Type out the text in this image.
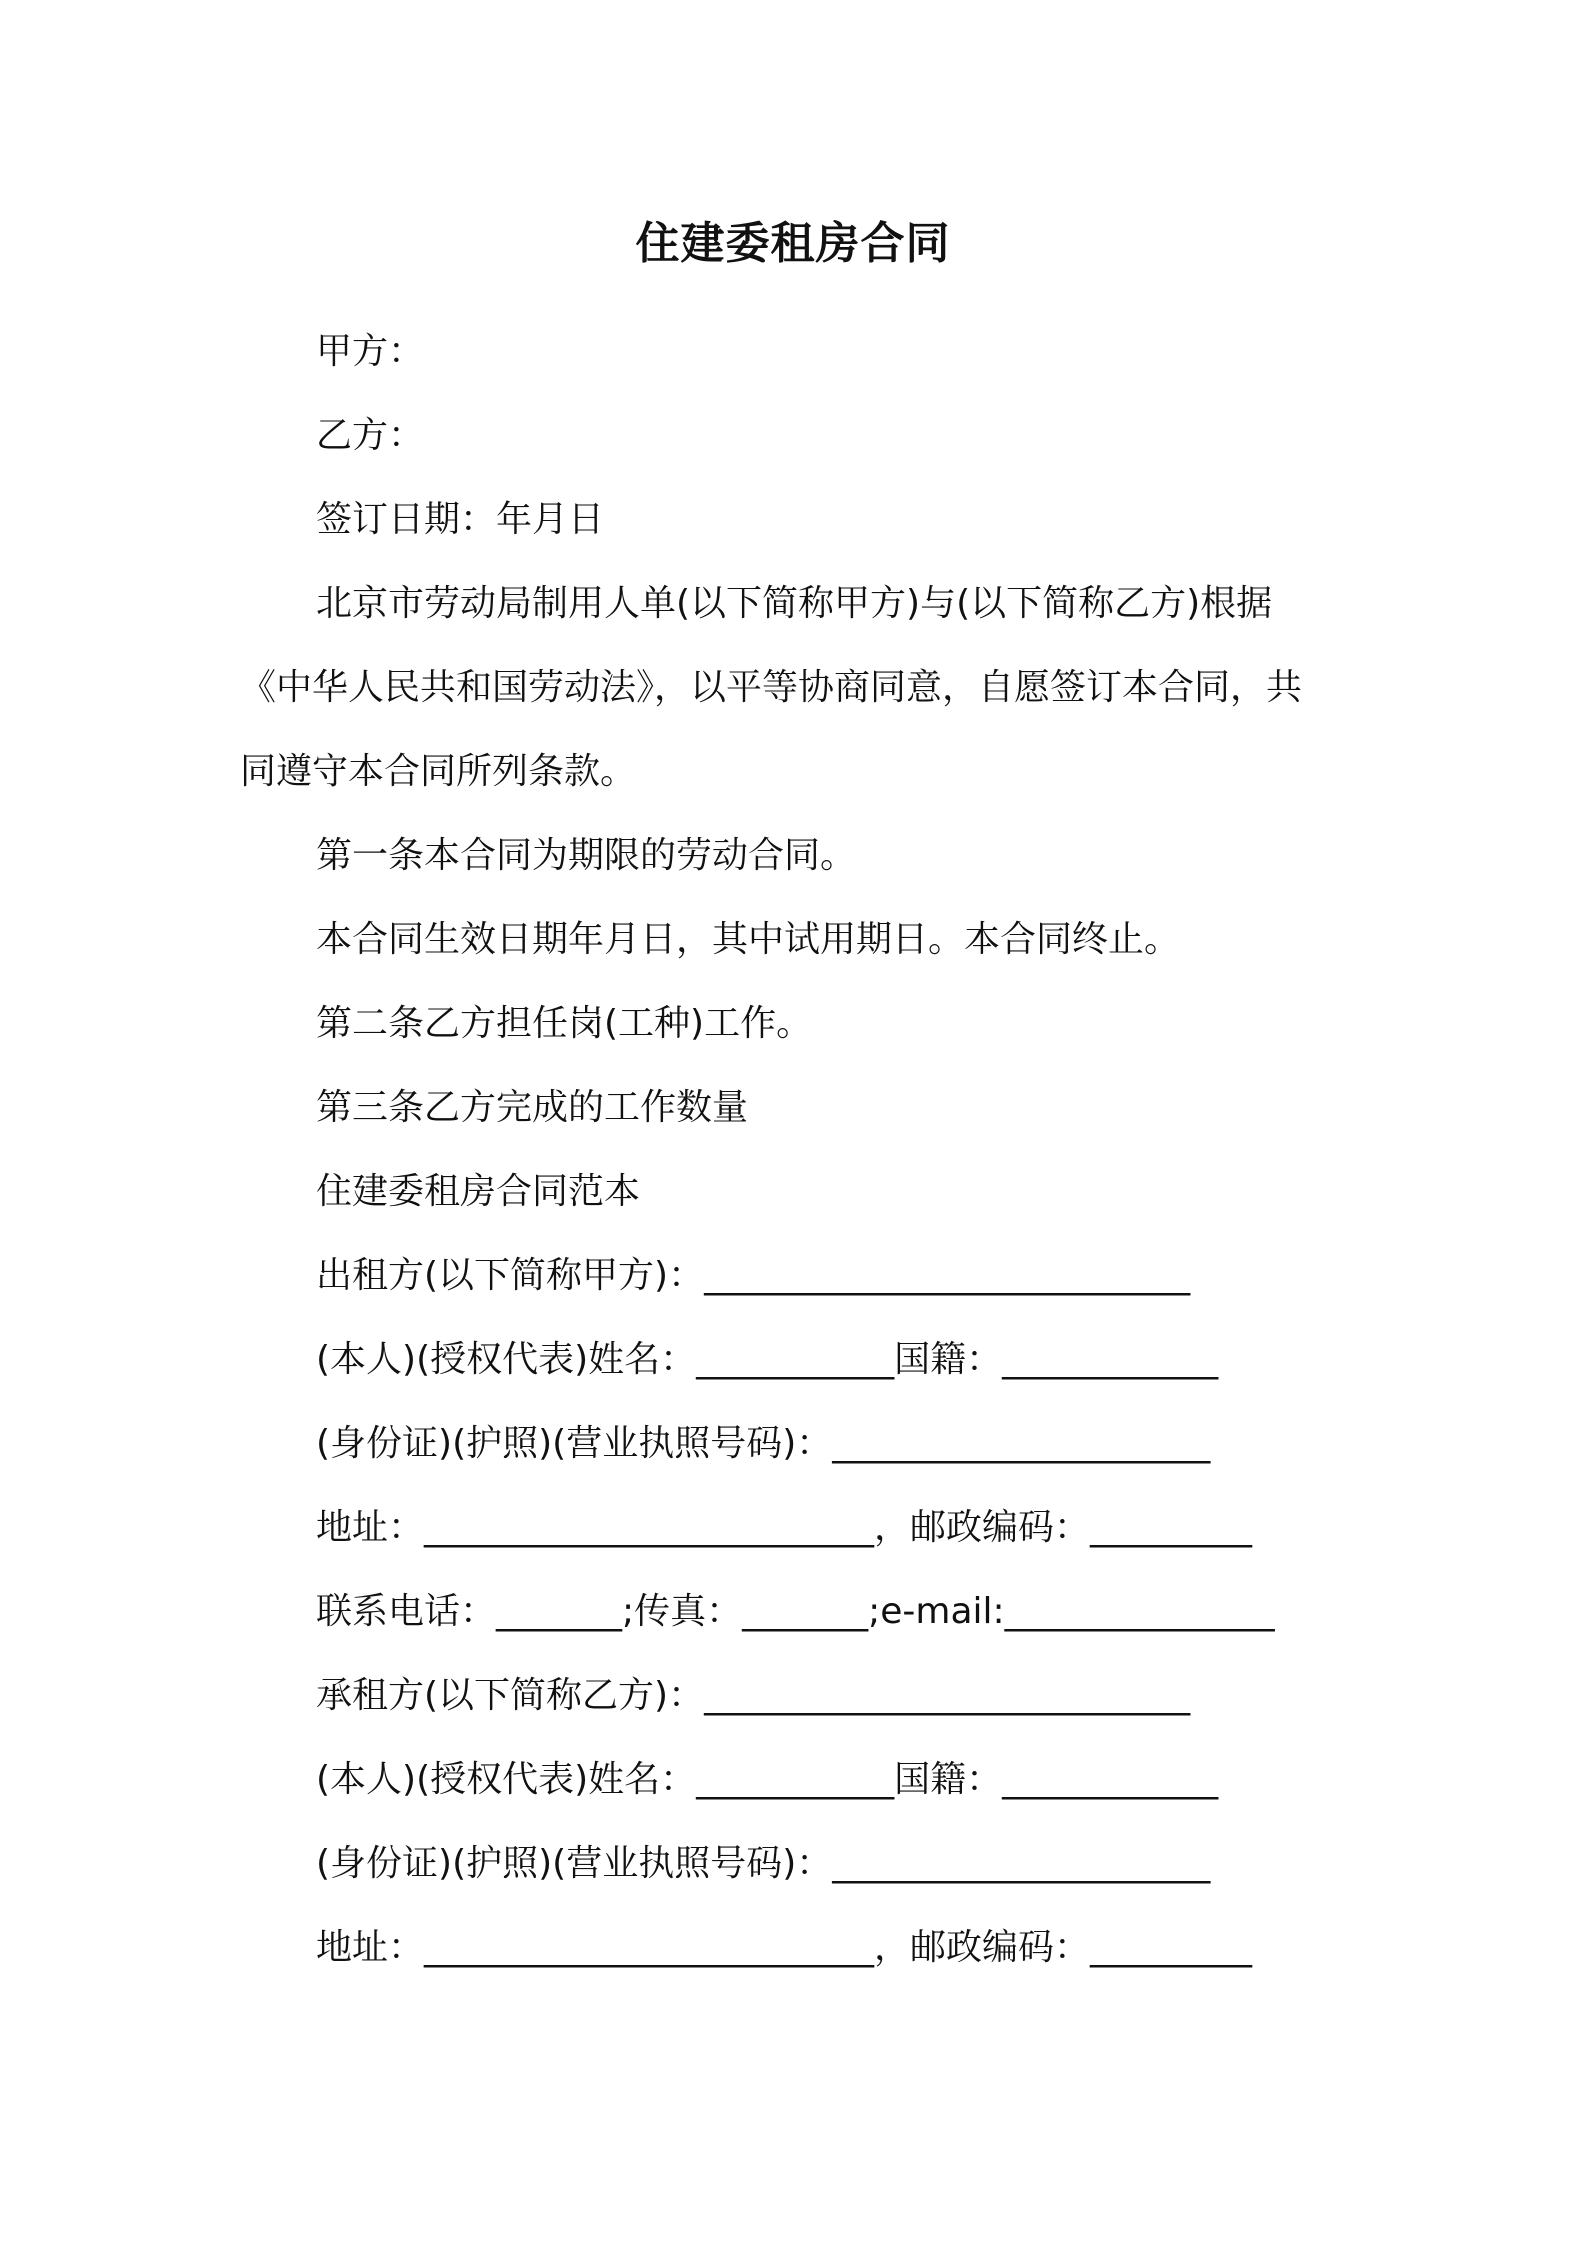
住建委租房合同
甲方：
乙方：
签订日期：年月日
北京市劳动局制用人单(以下简称甲方)与(以下简称乙方)根据
《中华人民共和国劳动法》，以平等协商同意，自愿签订本合同，共
同遵守本合同所列条款。
第一条本合同为期限的劳动合同。
本合同生效日期年月日，其中试用期日。本合同终止。
第二条乙方担任岗(工种)工作。
第三条乙方完成的工作数量
住建委租房合同范本
出租方(以下简称甲方)：___________________________
(本人)(授权代表)姓名：___________国籍：____________
(身份证)(护照)(营业执照号码)：_____________________
地址：_________________________，邮政编码：_________
联系电话：_______;传真：_______;e-mail:_______________
承租方(以下简称乙方)：___________________________
(本人)(授权代表)姓名：___________国籍：____________
(身份证)(护照)(营业执照号码)：_____________________
地址：_________________________，邮政编码：_________
